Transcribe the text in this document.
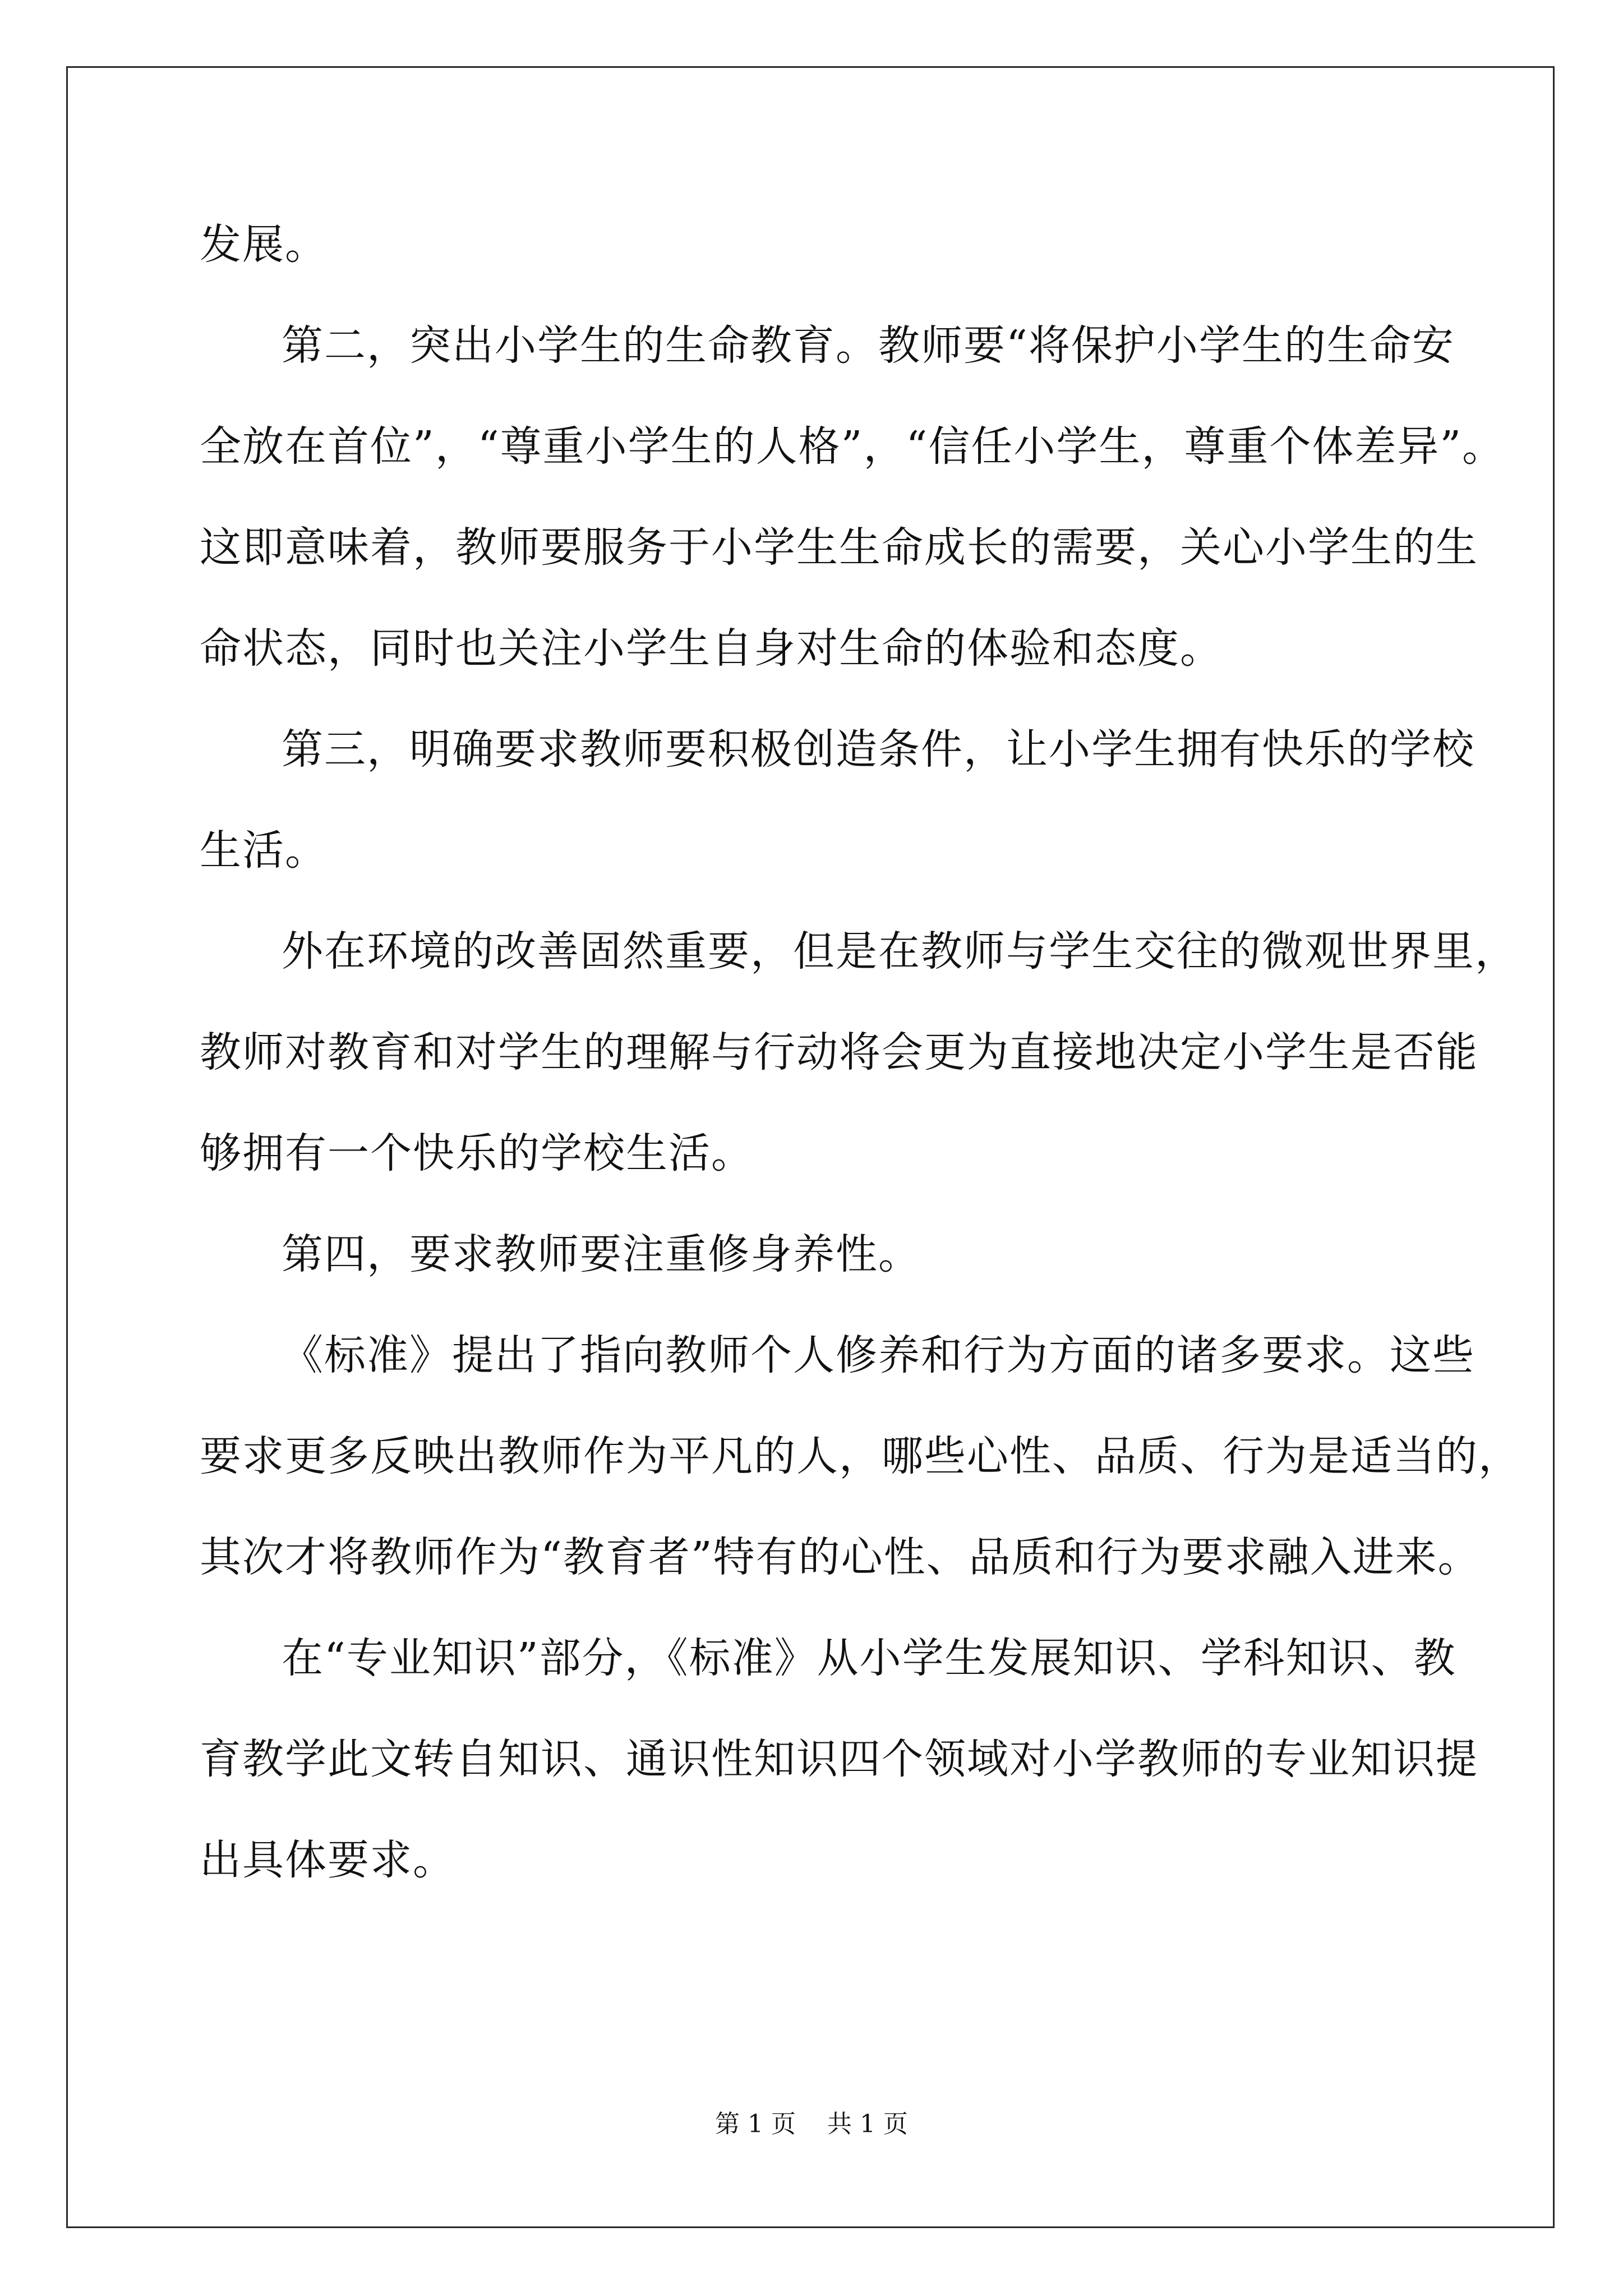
发展。
第二，突出小学生的生命教育。教师要“将保护小学生的生命安
全放在首位”，“尊重小学生的人格”，“信任小学生，尊重个体差异”。
这即意味着，教师要服务于小学生生命成长的需要，关心小学生的生
命状态，同时也关注小学生自身对生命的体验和态度。
第三，明确要求教师要积极创造条件，让小学生拥有快乐的学校
生活。
外在环境的改善固然重要，但是在教师与学生交往的微观世界里，
教师对教育和对学生的理解与行动将会更为直接地决定小学生是否能
够拥有一个快乐的学校生活。
第四，要求教师要注重修身养性。
《标准》提出了指向教师个人修养和行为方面的诸多要求。这些
要求更多反映出教师作为平凡的人，哪些心性、品质、行为是适当的，
其次才将教师作为“教育者”特有的心性、品质和行为要求融入进来。
在“专业知识”部分，《标准》从小学生发展知识、学科知识、教
育教学此文转自知识、通识性知识四个领域对小学教师的专业知识提
出具体要求。
第 1 页 共 1 页
